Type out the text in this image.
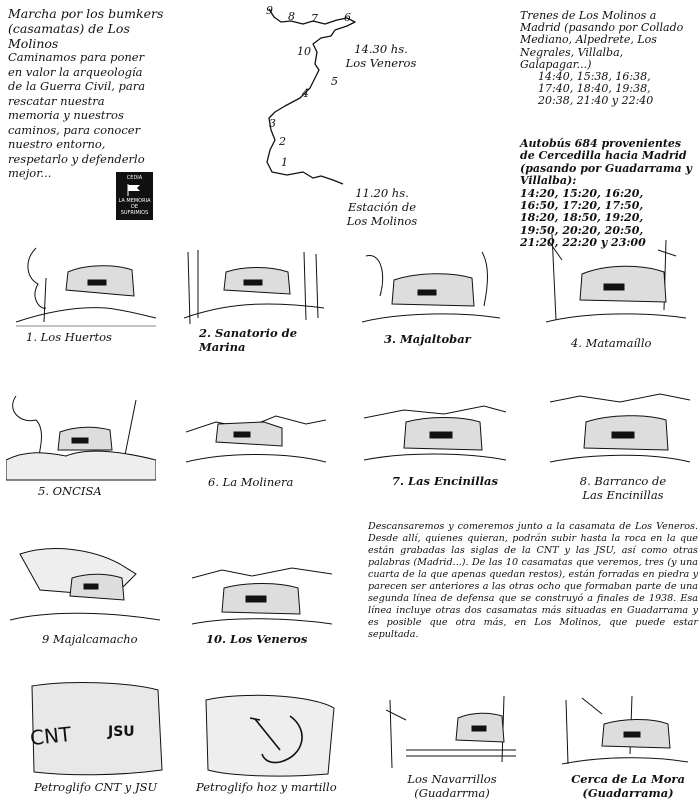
Marcha por los bumkers (casamatas) de Los Molinos
Caminamos para poner en valor la arqueología de la Guerra Civil, para rescatar nuestra memoria y nuestros caminos, para conocer nuestro entorno, respetarlo y defenderlo mejor...	CEDIA
LA MEMORIA DE SUFRIMIOS
9 8 7 6
10
5
4
3
2
1
14.30 hs.
Los Veneros
11.20 hs.
Estación de
Los Molinos
Trenes de Los Molinos a Madrid (pasando por Collado Mediano, Alpedrete, Los Negrales, Villalba, Galapagar...)
14:40, 15:38, 16:38,
17:40, 18:40, 19:38,
20:38, 21:40 y 22:40
Autobús 684 provenientes de Cercedilla hacia Madrid (pasando por Guadarrama y Villalba):
14:20, 15:20, 16:20,
16:50, 17:20, 17:50,
18:20, 18:50, 19:20,
19:50, 20:20, 20:50,
21:20, 22:20 y 23:00
1. Los Huertos	2. Sanatorio de Marina
3. Majaltobar	4. Matamaíllo
5. ONCISA
6. La Molinera	7. Las Encinillas	8. Barranco de Las Encinillas
9 Majalcamacho	10. Los Veneros
Descansaremos y comeremos junto a la casamata de Los Veneros. Desde allí, quienes quieran, podrán subir hasta la roca en la que están grabadas las siglas de la CNT y las JSU, así como otras palabras (Madrid...). De las 10 casamatas que veremos, tres (y una cuarta de la que apenas quedan restos), están forradas en piedra y parecen ser anteriores a las otras ocho que formaban parte de una segunda línea de defensa que se construyó a finales de 1938. Esa línea incluye otras dos casamatas más situadas en Guadarrama y es posible que otra más, en Los Molinos, que puede estar sepultada.
CNT	JSU
Petroglifo CNT y JSU	Petroglifo hoz y martillo
Los Navarrillos (Guadarrma)
Cerca de La Mora (Guadarrama)
